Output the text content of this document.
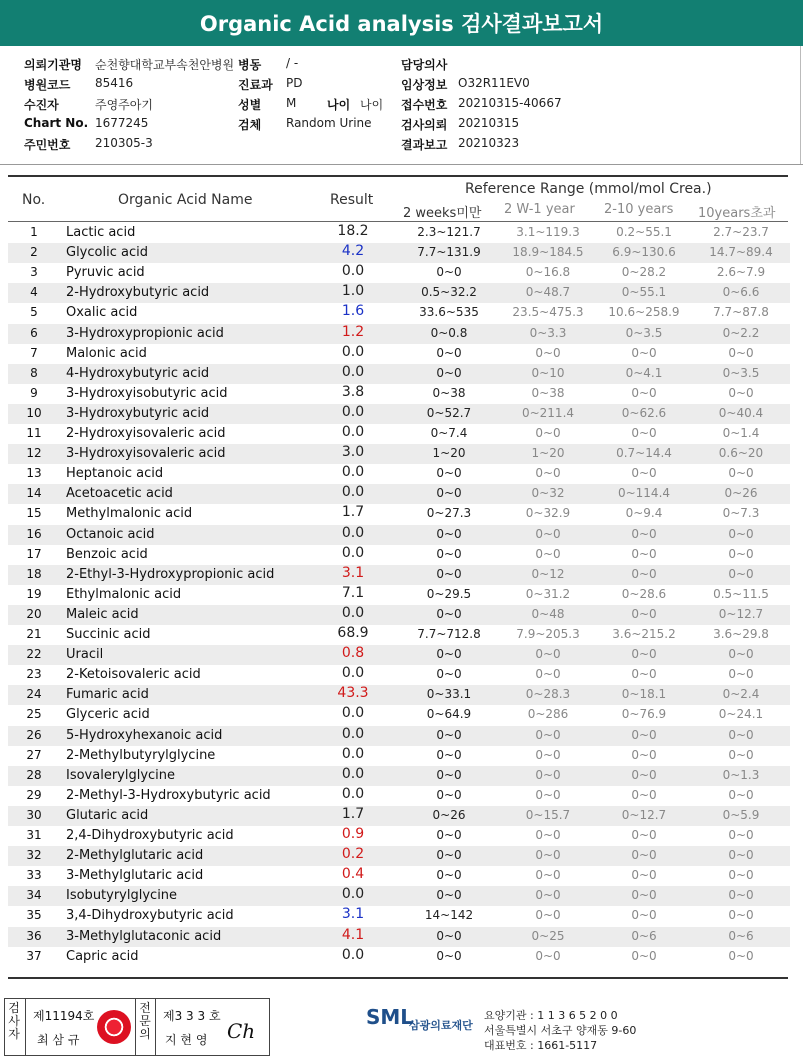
Organic Acid analysis 검사결과보고서
의뢰기관명 순천향대학교부속천안병원 병동 / -	담당의사
병원코드 85416	진료과 PD	임상정보 O32R11EV0
수진자	주영주아기	성별 M	나이 나이 접수번호 20210315-40667
Chart No. 1677245	검체 Random Urine 검사의뢰 20210315
주민번호 210305-3	결과보고 20210323
No.	Organic Acid Name	Result
Reference Range (mmol/mol Crea.)
2 weeks미만 2 W-1 year 2-10 years 10years초과
1	Lactic acid	18.2	2.3~121.7	3.1~119.3	0.2~55.1	2.7~23.7
2	Glycolic acid	4.2	7.7~131.9	18.9~184.5	6.9~130.6	14.7~89.4
3	Pyruvic acid	0.0	0~0	0~16.8	0~28.2	2.6~7.9
4	2-Hydroxybutyric acid	1.0	0.5~32.2	0~48.7	0~55.1	0~6.6
5	Oxalic acid	1.6	33.6~535	23.5~475.3	10.6~258.9	7.7~87.8
6	3-Hydroxypropionic acid	1.2	0~0.8	0~3.3	0~3.5	0~2.2
7	Malonic acid	0.0	0~0	0~0	0~0	0~0
8	4-Hydroxybutyric acid	0.0	0~0	0~10	0~4.1	0~3.5
9	3-Hydroxyisobutyric acid	3.8	0~38	0~38	0~0	0~0
10	3-Hydroxybutyric acid	0.0	0~52.7	0~211.4	0~62.6	0~40.4
11	2-Hydroxyisovaleric acid	0.0	0~7.4	0~0	0~0	0~1.4
12	3-Hydroxyisovaleric acid	3.0	1~20	1~20	0.7~14.4	0.6~20
13	Heptanoic acid	0.0	0~0	0~0	0~0	0~0
14	Acetoacetic acid	0.0	0~0	0~32	0~114.4	0~26
15	Methylmalonic acid	1.7	0~27.3	0~32.9	0~9.4	0~7.3
16	Octanoic acid	0.0	0~0	0~0	0~0	0~0
17	Benzoic acid	0.0	0~0	0~0	0~0	0~0
18	2-Ethyl-3-Hydroxypropionic acid	3.1	0~0	0~12	0~0	0~0
19	Ethylmalonic acid	7.1	0~29.5	0~31.2	0~28.6	0.5~11.5
20	Maleic acid	0.0	0~0	0~48	0~0	0~12.7
21	Succinic acid	68.9	7.7~712.8	7.9~205.3	3.6~215.2	3.6~29.8
22	Uracil	0.8	0~0	0~0	0~0	0~0
23	2-Ketoisovaleric acid	0.0	0~0	0~0	0~0	0~0
24	Fumaric acid	43.3	0~33.1	0~28.3	0~18.1	0~2.4
25	Glyceric acid	0.0	0~64.9	0~286	0~76.9	0~24.1
26	5-Hydroxyhexanoic acid	0.0	0~0	0~0	0~0	0~0
27	2-Methylbutyrylglycine	0.0	0~0	0~0	0~0	0~0
28	Isovalerylglycine	0.0	0~0	0~0	0~0	0~1.3
29	2-Methyl-3-Hydroxybutyric acid	0.0	0~0	0~0	0~0	0~0
30	Glutaric acid	1.7	0~26	0~15.7	0~12.7	0~5.9
31	2,4-Dihydroxybutyric acid	0.9	0~0	0~0	0~0	0~0
32	2-Methylglutaric acid	0.2	0~0	0~0	0~0	0~0
33	3-Methylglutaric acid	0.4	0~0	0~0	0~0	0~0
34	Isobutyrylglycine	0.0	0~0	0~0	0~0	0~0
35	3,4-Dihydroxybutyric acid	3.1	14~142	0~0	0~0	0~0
36	3-Methylglutaconic acid	4.1	0~0	0~25	0~6	0~6
37	Capric acid	0.0	0~0	0~0	0~0	0~0
검사자
제11194호
최 삼 규
전문의
제3 3 3 호
지 현 영 Ch
SML
삼광의료재단
요양기관 : 1 1 3 6 5 2 0 0
서울특별시 서초구 양재동 9-60
대표번호 : 1661-5117
